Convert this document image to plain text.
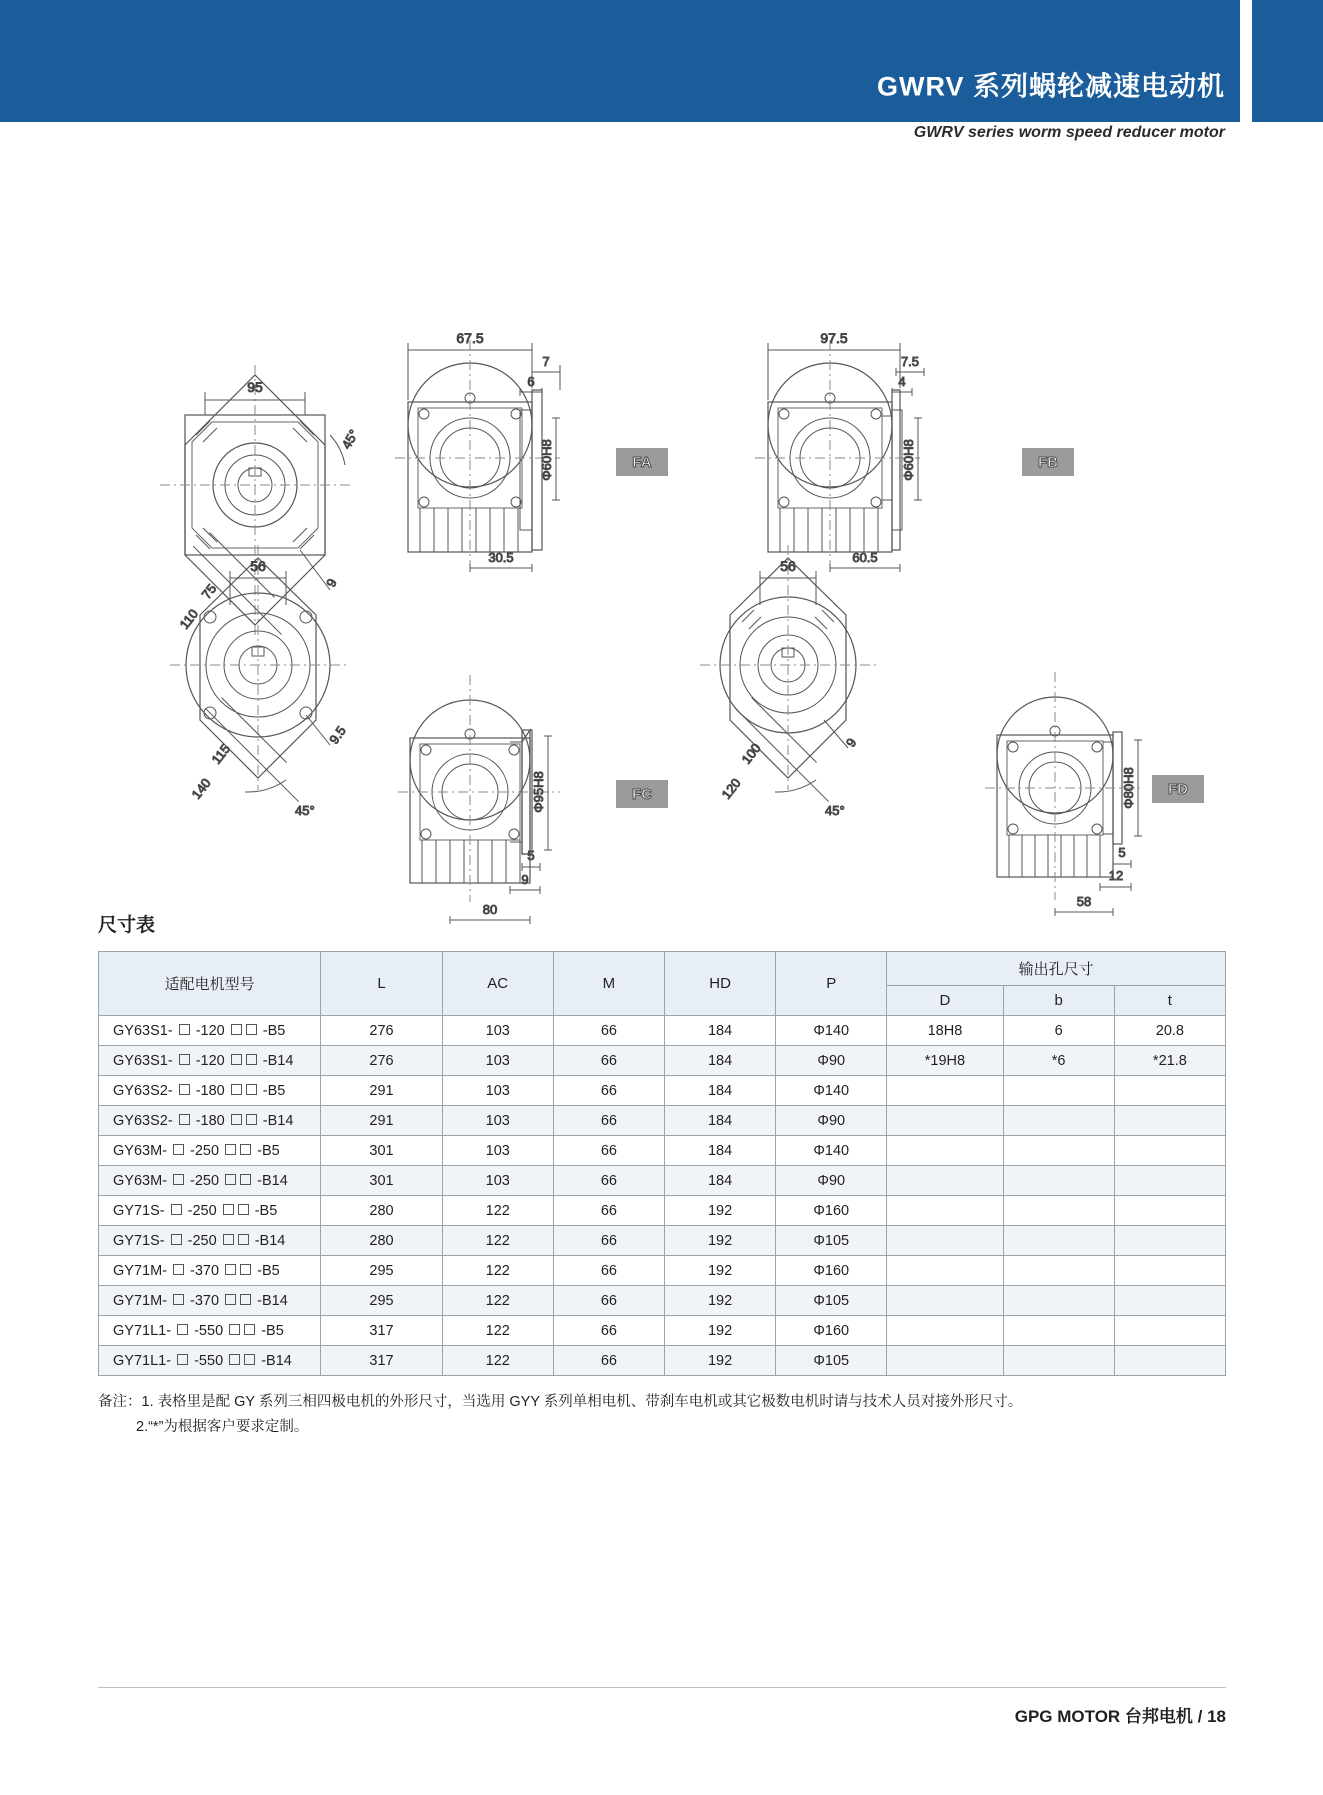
GWRV 系列蜗轮减速电动机
GWRV series worm speed reducer motor
95
45°
9
75
110
67.5
7
6
Φ60H8
30.5
FA
97.5
7.5
4
Φ60H8
60.5
FB
56
9.5
115
140
45°	Φ95H8
5
9
80
FC
56
9
100
120
45°
Φ80H8
5
12
58
FD
尺寸表
适配电机型号	L	AC	M	HD	P	输出孔尺寸		
						D	b	t
GY63S1-  -120  -B5	276	103	66	184	Φ140	18H8	6	20.8
GY63S1-  -120  -B14	276	103	66	184	Φ90	*19H8	*6	*21.8
GY63S2-  -180  -B5	291	103	66	184	Φ140			
GY63S2-  -180  -B14	291	103	66	184	Φ90			
GY63M-  -250  -B5	301	103	66	184	Φ140			
GY63M-  -250  -B14	301	103	66	184	Φ90			
GY71S-  -250  -B5	280	122	66	192	Φ160			
GY71S-  -250  -B14	280	122	66	192	Φ105			
GY71M-  -370  -B5	295	122	66	192	Φ160			
GY71M-  -370  -B14	295	122	66	192	Φ105			
GY71L1-  -550  -B5	317	122	66	192	Φ160			
GY71L1-  -550  -B14	317	122	66	192	Φ105			
备注：1. 表格里是配 GY 系列三相四极电机的外形尺寸，当选用 GYY 系列单相电机、带刹车电机或其它极数电机时请与技术人员对接外形尺寸。
2.“*”为根据客户要求定制。
GPG MOTOR 台邦电机 / 18
